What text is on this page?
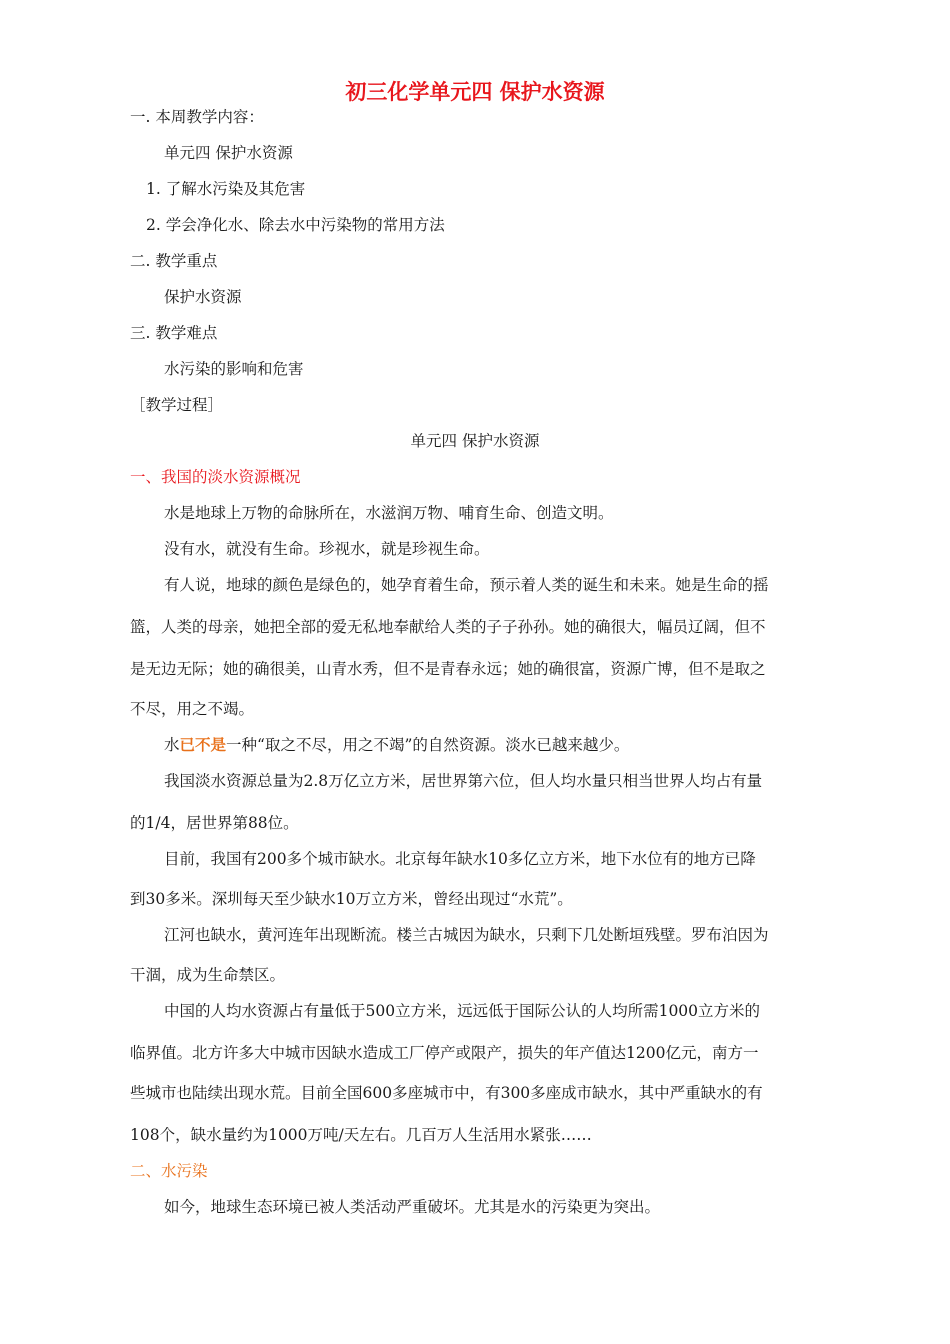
初三化学单元四 保护水资源
一. 本周教学内容：
单元四 保护水资源
1. 了解水污染及其危害
2. 学会净化水、除去水中污染物的常用方法
二. 教学重点
保护水资源
三. 教学难点
水污染的影响和危害
［教学过程］
单元四 保护水资源
一、我国的淡水资源概况
水是地球上万物的命脉所在，水滋润万物、哺育生命、创造文明。
没有水，就没有生命。珍视水，就是珍视生命。
有人说，地球的颜色是绿色的，她孕育着生命，预示着人类的诞生和未来。她是生命的摇
篮，人类的母亲，她把全部的爱无私地奉献给人类的子子孙孙。她的确很大，幅员辽阔，但不
是无边无际；她的确很美，山青水秀，但不是青春永远；她的确很富，资源广博，但不是取之
不尽，用之不竭。
水已不是一种“取之不尽，用之不竭”的自然资源。淡水已越来越少。
我国淡水资源总量为2.8万亿立方米，居世界第六位，但人均水量只相当世界人均占有量
的1/4，居世界第88位。
目前，我国有200多个城市缺水。北京每年缺水10多亿立方米，地下水位有的地方已降
到30多米。深圳每天至少缺水10万立方米，曾经出现过“水荒”。
江河也缺水，黄河连年出现断流。楼兰古城因为缺水，只剩下几处断垣残壁。罗布泊因为
干涸，成为生命禁区。
中国的人均水资源占有量低于500立方米，远远低于国际公认的人均所需1000立方米的
临界值。北方许多大中城市因缺水造成工厂停产或限产，损失的年产值达1200亿元，南方一
些城市也陆续出现水荒。目前全国600多座城市中，有300多座成市缺水，其中严重缺水的有
108个，缺水量约为1000万吨/天左右。几百万人生活用水紧张……
二、水污染
如今，地球生态环境已被人类活动严重破坏。尤其是水的污染更为突出。
